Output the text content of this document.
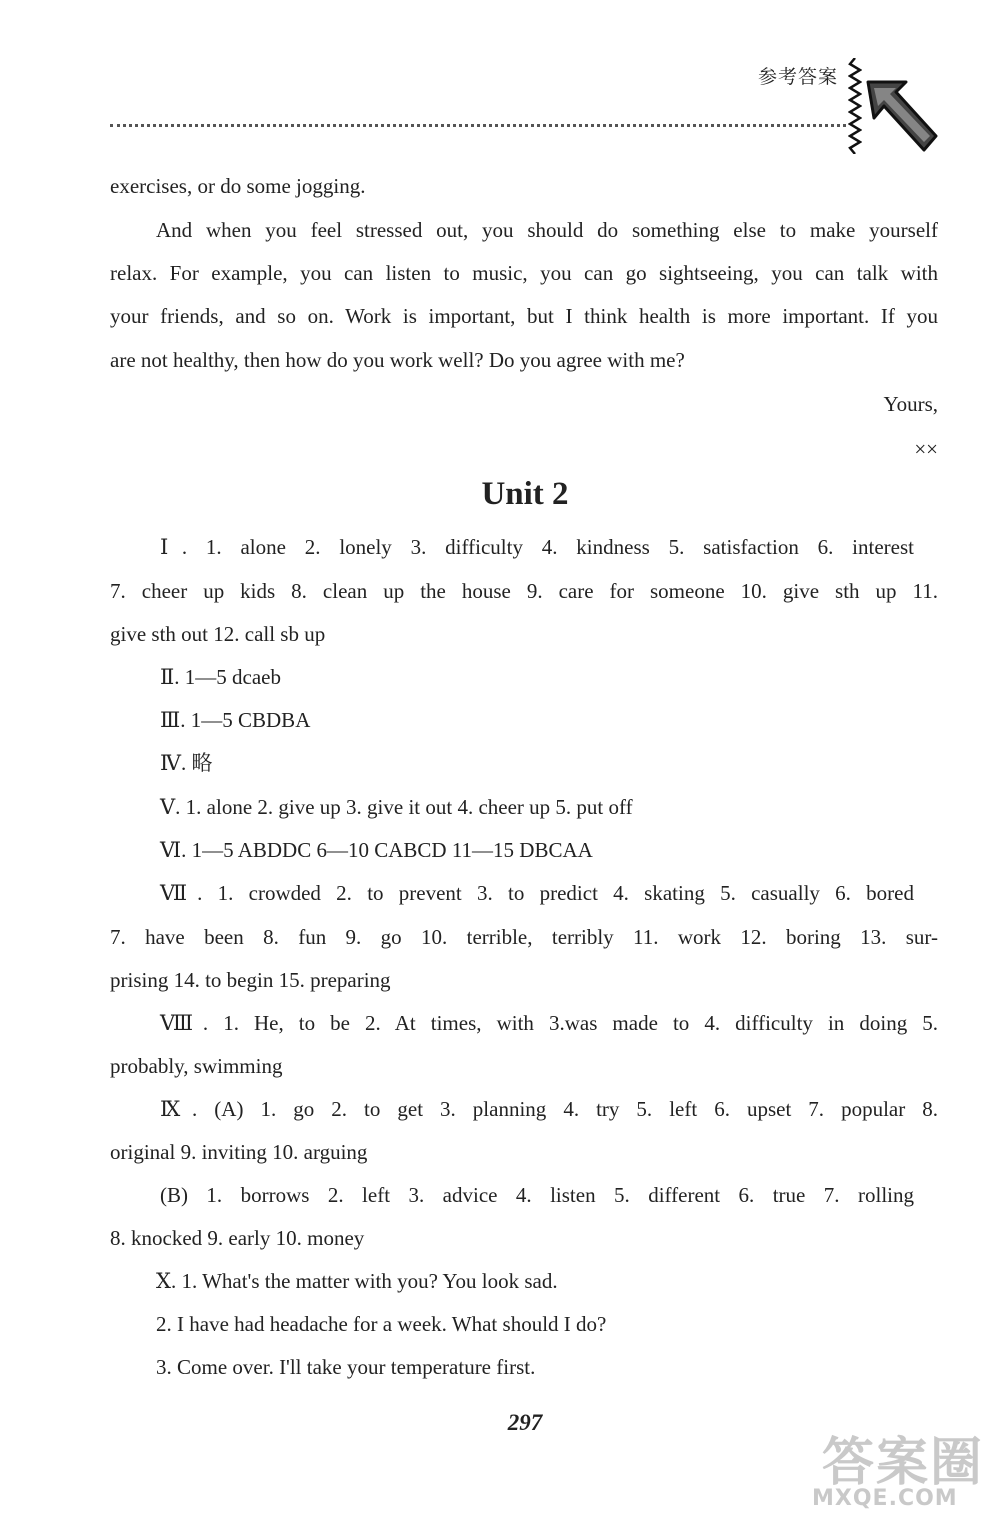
参考答案
exercises, or do some jogging.
And when you feel stressed out, you should do something else to make yourself
relax. For example, you can listen to music, you can go sightseeing, you can talk with
your friends, and so on. Work is important, but I think health is more important. If you
are not healthy, then how do you work well? Do you agree with me?
Yours,
××
Unit 2
Ⅰ. 1. alone 2. lonely 3. difficulty 4. kindness 5. satisfaction 6. interest
7. cheer up kids 8. clean up the house 9. care for someone 10. give sth up 11.
give sth out 12. call sb up
Ⅱ. 1—5 dcaeb
Ⅲ. 1—5 CBDBA
Ⅳ. 略
Ⅴ. 1. alone 2. give up 3. give it out 4. cheer up 5. put off
Ⅵ. 1—5 ABDDC 6—10 CABCD 11—15 DBCAA
Ⅶ. 1. crowded 2. to prevent 3. to predict 4. skating 5. casually 6. bored
7. have been 8. fun 9. go 10. terrible, terribly 11. work 12. boring 13. sur-
prising 14. to begin 15. preparing
Ⅷ. 1. He, to be 2. At times, with 3.was made to 4. difficulty in doing 5.
probably, swimming
Ⅸ. (A) 1. go 2. to get 3. planning 4. try 5. left 6. upset 7. popular 8.
original 9. inviting 10. arguing
(B) 1. borrows 2. left 3. advice 4. listen 5. different 6. true 7. rolling
8. knocked 9. early 10. money
Ⅹ. 1. What's the matter with you? You look sad.
2. I have had headache for a week. What should I do?
3. Come over. I'll take your temperature first.
297
答案圈
MXQE.COM
